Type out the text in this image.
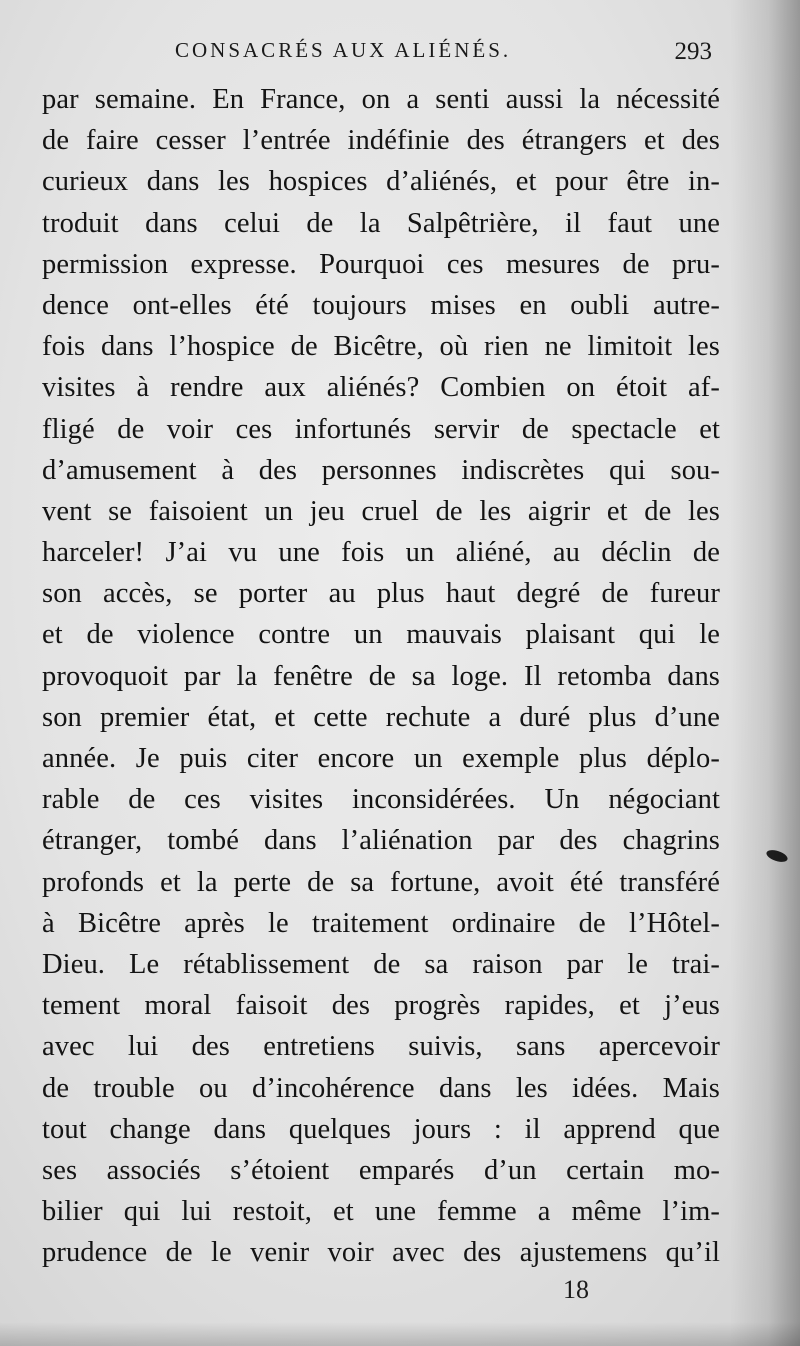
CONSACRÉS AUX ALIÉNÉS.	293
par semaine. En France, on a senti aussi la nécessité
de faire cesser l’entrée indéfinie des étrangers et des
curieux dans les hospices d’aliénés, et pour être in-
troduit dans celui de la Salpêtrière, il faut une
permission expresse. Pourquoi ces mesures de pru-
dence ont-elles été toujours mises en oubli autre-
fois dans l’hospice de Bicêtre, où rien ne limitoit les
visites à rendre aux aliénés? Combien on étoit af-
fligé de voir ces infortunés servir de spectacle et
d’amusement à des personnes indiscrètes qui sou-
vent se faisoient un jeu cruel de les aigrir et de les
harceler! J’ai vu une fois un aliéné, au déclin de
son accès, se porter au plus haut degré de fureur
et de violence contre un mauvais plaisant qui le
provoquoit par la fenêtre de sa loge. Il retomba dans
son premier état, et cette rechute a duré plus d’une
année. Je puis citer encore un exemple plus déplo-
rable de ces visites inconsidérées. Un négociant
étranger, tombé dans l’aliénation par des chagrins
profonds et la perte de sa fortune, avoit été transféré
à Bicêtre après le traitement ordinaire de l’Hôtel-
Dieu. Le rétablissement de sa raison par le trai-
tement moral faisoit des progrès rapides, et j’eus
avec lui des entretiens suivis, sans apercevoir
de trouble ou d’incohérence dans les idées. Mais
tout change dans quelques jours : il apprend que
ses associés s’étoient emparés d’un certain mo-
bilier qui lui restoit, et une femme a même l’im-
prudence de le venir voir avec des ajustemens qu’il
18
